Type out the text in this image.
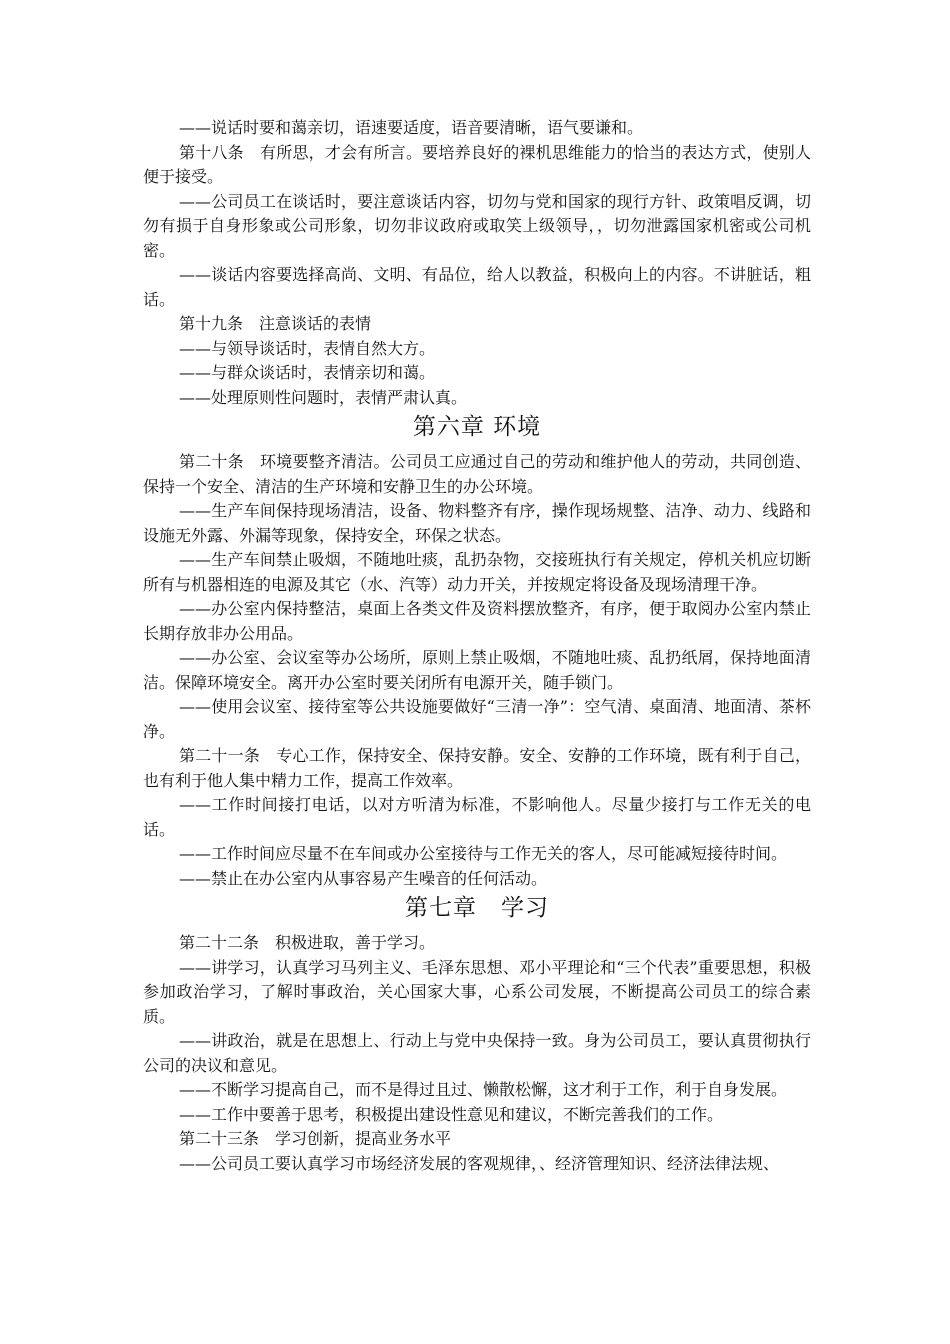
——说话时要和蔼亲切，语速要适度，语音要清晰，语气要谦和。

第十八条　有所思，才会有所言。要培养良好的裸机思维能力的恰当的表达方式，使别人便于接受。

——公司员工在谈话时，要注意谈话内容，切勿与党和国家的现行方针、政策唱反调，切勿有损于自身形象或公司形象，切勿非议政府或取笑上级领导，，切勿泄露国家机密或公司机密。

——谈话内容要选择高尚、文明、有品位，给人以教益，积极向上的内容。不讲脏话，粗话。

第十九条　注意谈话的表情

——与领导谈话时，表情自然大方。

——与群众谈话时，表情亲切和蔼。

——处理原则性问题时，表情严肃认真。

第六章 环境

第二十条　环境要整齐清洁。公司员工应通过自己的劳动和维护他人的劳动，共同创造、保持一个安全、清洁的生产环境和安静卫生的办公环境。

——生产车间保持现场清洁，设备、物料整齐有序，操作现场规整、洁净、动力、线路和设施无外露、外漏等现象，保持安全，环保之状态。

——生产车间禁止吸烟，不随地吐痰，乱扔杂物，交接班执行有关规定，停机关机应切断所有与机器相连的电源及其它（水、汽等）动力开关，并按规定将设备及现场清理干净。

——办公室内保持整洁，桌面上各类文件及资料摆放整齐，有序，便于取阅办公室内禁止长期存放非办公用品。

——办公室、会议室等办公场所，原则上禁止吸烟，不随地吐痰、乱扔纸屑，保持地面清洁。保障环境安全。离开办公室时要关闭所有电源开关，随手锁门。

——使用会议室、接待室等公共设施要做好“三清一净”：空气清、桌面清、地面清、茶杯净。

第二十一条　专心工作，保持安全、保持安静。安全、安静的工作环境，既有利于自己，也有利于他人集中精力工作，提高工作效率。

——工作时间接打电话，以对方听清为标准，不影响他人。尽量少接打与工作无关的电话。

——工作时间应尽量不在车间或办公室接待与工作无关的客人，尽可能减短接待时间。

——禁止在办公室内从事容易产生噪音的任何活动。

第七章　学习

第二十二条　积极进取，善于学习。

——讲学习，认真学习马列主义、毛泽东思想、邓小平理论和“三个代表”重要思想，积极参加政治学习，了解时事政治，关心国家大事，心系公司发展，不断提高公司员工的综合素质。

——讲政治，就是在思想上、行动上与党中央保持一致。身为公司员工，要认真贯彻执行公司的决议和意见。

——不断学习提高自己，而不是得过且过、懒散松懈，这才利于工作，利于自身发展。

——工作中要善于思考，积极提出建设性意见和建议，不断完善我们的工作。

第二十三条　学习创新，提高业务水平

——公司员工要认真学习市场经济发展的客观规律，、经济管理知识、经济法律法规、
